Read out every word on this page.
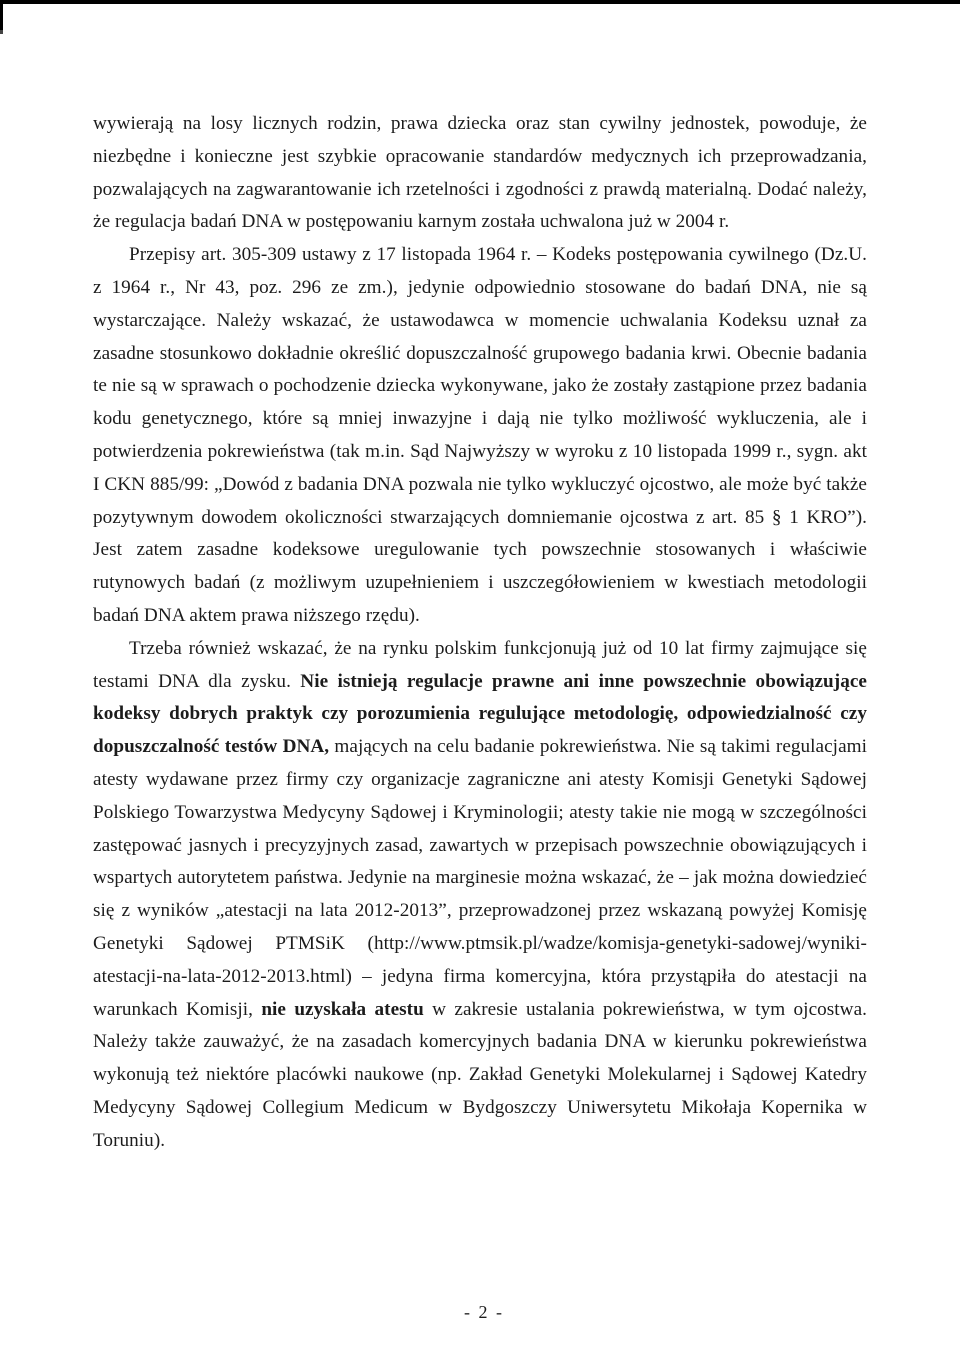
wywierają na losy licznych rodzin, prawa dziecka oraz stan cywilny jednostek, powoduje, że niezbędne i konieczne jest szybkie opracowanie standardów medycznych ich przeprowadzania, pozwalających na zagwarantowanie ich rzetelności i zgodności z prawdą materialną. Dodać należy, że regulacja badań DNA w postępowaniu karnym została uchwalona już w 2004 r.

Przepisy art. 305-309 ustawy z 17 listopada 1964 r. – Kodeks postępowania cywilnego (Dz.U. z 1964 r., Nr 43, poz. 296 ze zm.), jedynie odpowiednio stosowane do badań DNA, nie są wystarczające. Należy wskazać, że ustawodawca w momencie uchwalania Kodeksu uznał za zasadne stosunkowo dokładnie określić dopuszczalność grupowego badania krwi. Obecnie badania te nie są w sprawach o pochodzenie dziecka wykonywane, jako że zostały zastąpione przez badania kodu genetycznego, które są mniej inwazyjne i dają nie tylko możliwość wykluczenia, ale i potwierdzenia pokrewieństwa (tak m.in. Sąd Najwyższy w wyroku z 10 listopada 1999 r., sygn. akt I CKN 885/99: „Dowód z badania DNA pozwala nie tylko wykluczyć ojcostwo, ale może być także pozytywnym dowodem okoliczności stwarzających domniemanie ojcostwa z art. 85 § 1 KRO”). Jest zatem zasadne kodeksowe uregulowanie tych powszechnie stosowanych i właściwie rutynowych badań (z możliwym uzupełnieniem i uszczegółowieniem w kwestiach metodologii badań DNA aktem prawa niższego rzędu).

Trzeba również wskazać, że na rynku polskim funkcjonują już od 10 lat firmy zajmujące się testami DNA dla zysku. Nie istnieją regulacje prawne ani inne powszechnie obowiązujące kodeksy dobrych praktyk czy porozumienia regulujące metodologię, odpowiedzialność czy dopuszczalność testów DNA, mających na celu badanie pokrewieństwa. Nie są takimi regulacjami atesty wydawane przez firmy czy organizacje zagraniczne ani atesty Komisji Genetyki Sądowej Polskiego Towarzystwa Medycyny Sądowej i Kryminologii; atesty takie nie mogą w szczególności zastępować jasnych i precyzyjnych zasad, zawartych w przepisach powszechnie obowiązujących i wspartych autorytetem państwa. Jedynie na marginesie można wskazać, że – jak można dowiedzieć się z wyników „atestacji na lata 2012-2013”, przeprowadzonej przez wskazaną powyżej Komisję Genetyki Sądowej PTMSiK (http://www.ptmsik.pl/wadze/komisja-genetyki-sadowej/wyniki-atestacji-na-lata-2012-2013.html) – jedyna firma komercyjna, która przystąpiła do atestacji na warunkach Komisji, nie uzyskała atestu w zakresie ustalania pokrewieństwa, w tym ojcostwa. Należy także zauważyć, że na zasadach komercyjnych badania DNA w kierunku pokrewieństwa wykonują też niektóre placówki naukowe (np. Zakład Genetyki Molekularnej i Sądowej Katedry Medycyny Sądowej Collegium Medicum w Bydgoszczy Uniwersytetu Mikołaja Kopernika w Toruniu).

- 2 -
